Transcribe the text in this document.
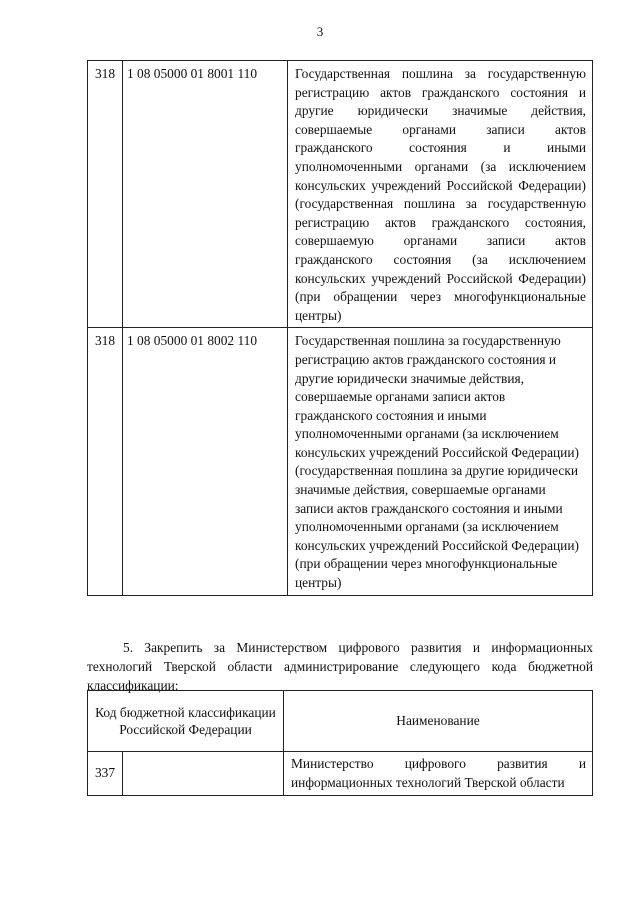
3
318	1 08 05000 01 8001 110	Государственная пошлина за государственную регистрацию актов гражданского состояния и другие юридически значимые действия, совершаемые органами записи актов гражданского состояния и иными уполномоченными органами (за исключением консульских учреждений Российской Федерации) (государственная пошлина за государственную регистрацию актов гражданского состояния, совершаемую органами записи актов гражданского состояния (за исключением консульских учреждений Российской Федерации) (при обращении через многофункциональные центры)
318	1 08 05000 01 8002 110	Государственная пошлина за государственную регистрацию актов гражданского состояния и другие юридически значимые действия, совершаемые органами записи актов гражданского состояния и иными уполномоченными органами (за исключением консульских учреждений Российской Федерации) (государственная пошлина за другие юридически значимые действия, совершаемые органами записи актов гражданского состояния и иными уполномоченными органами (за исключением консульских учреждений Российской Федерации) (при обращении через многофункциональные центры)

5. Закрепить за Министерством цифрового развития и информационных технологий Тверской области администрирование следующего кода бюджетной классификации:

Код бюджетной классификации Российской Федерации		Наименование
337		Министерство цифрового развития и информационных технологий Тверской области
